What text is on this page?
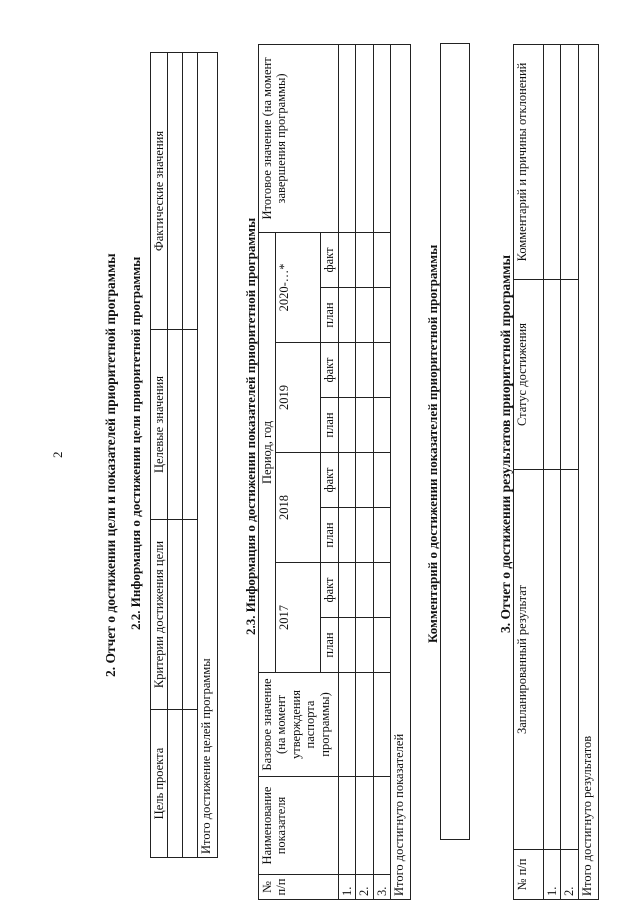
2	2. Отчет о достижении цели и показателей приоритетной программы 2.2. Информация о достижении цели приоритетной программы
Цель проекта	Критерии достижения цели	Целевые значения	Фактические значения

Итого достижение целей программы			
2.3. Информация о достижении показателей приоритетной программы
№ п/п	Наименование показателя	Базовое значение (на момент утверждения паспорта программы)	Период, год								Итоговое значение (на момент завершения программы)
			2017		2018		2019		2020-…*		
			план	факт	план	факт	план	факт	план	факт	
1.											
2.											
3.											
Итого достигнуто показателей											
Комментарий о достижении показателей приоритетной программы	3. Отчет о достижении результатов приоритетной программы
№ п/п	Запланированный результат	Статус достижения	Комментарий и причины отклонений
1.			
2.			
Итого достигнуто результатов			
